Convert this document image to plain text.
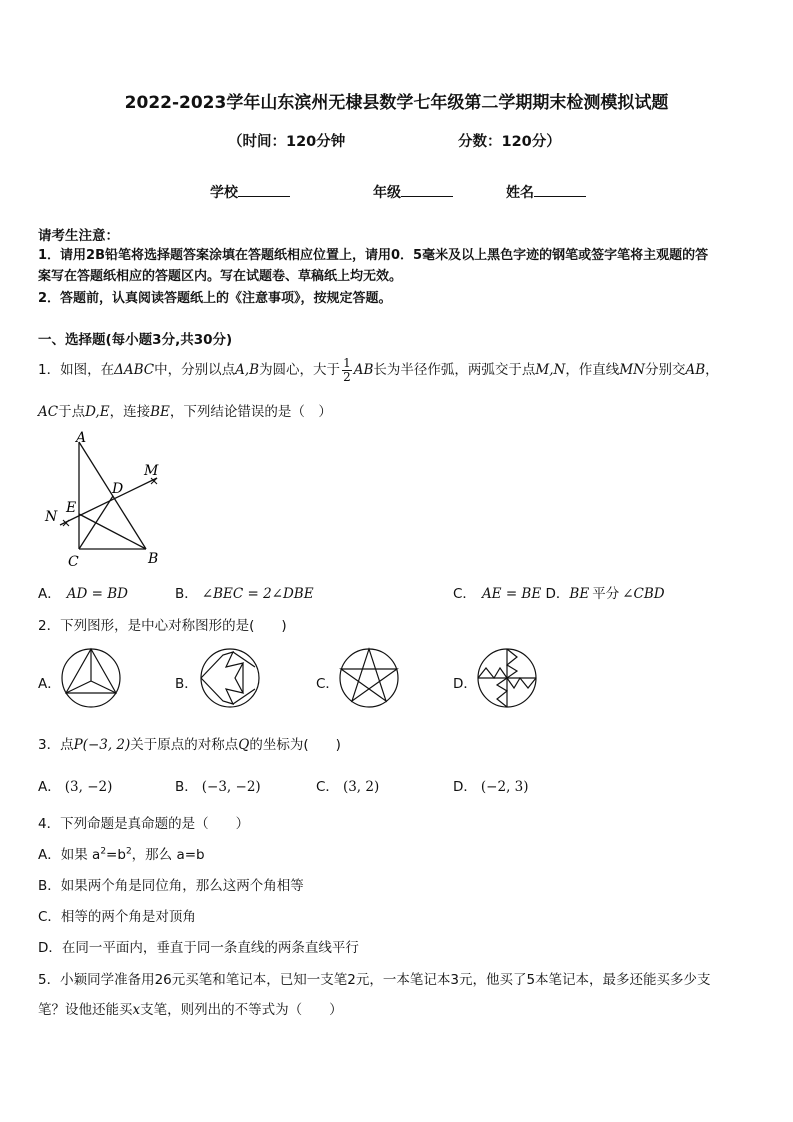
2022-2023学年山东滨州无棣县数学七年级第二学期期末检测模拟试题
（时间：120分钟	分数：120分）
学校	年级	姓名
请考生注意：
1．请用2B铅笔将选择题答案涂填在答题纸相应位置上，请用0．5毫米及以上黑色字迹的钢笔或签字笔将主观题的答
案写在答题纸相应的答题区内。写在试题卷、草稿纸上均无效。
2．答题前，认真阅读答题纸上的《注意事项》，按规定答题。
一、选择题(每小题3分,共30分)
1．如图，在ΔABC中，分别以点A,B为圆心，大于 $\frac{1}{2}$ AB长为半径作弧，两弧交于点M,N，作直线MN分别交AB，
AC于点D,E，连接BE，下列结论错误的是（　）
A
B
C
D
E
M
N
A． AD = BD	B． ∠BEC = 2∠DBE	C． AE = BE D．BE 平分 ∠CBD
2．下列图形，是中心对称图形的是(　　)
A．	B．	C．	D．
3．点P(−3, 2)关于原点的对称点Q的坐标为(　　)
A． (3, −2)	B． (−3, −2)	C． (3, 2)	D． (−2, 3)
4．下列命题是真命题的是（　　）
A．如果 $a^2=b^2$，那么 a=b
B．如果两个角是同位角，那么这两个角相等
C．相等的两个角是对顶角
D．在同一平面内，垂直于同一条直线的两条直线平行
5．小颖同学准备用26元买笔和笔记本，已知一支笔2元，一本笔记本3元，他买了5本笔记本，最多还能买多少支
笔？设他还能买x支笔，则列出的不等式为（　　）
